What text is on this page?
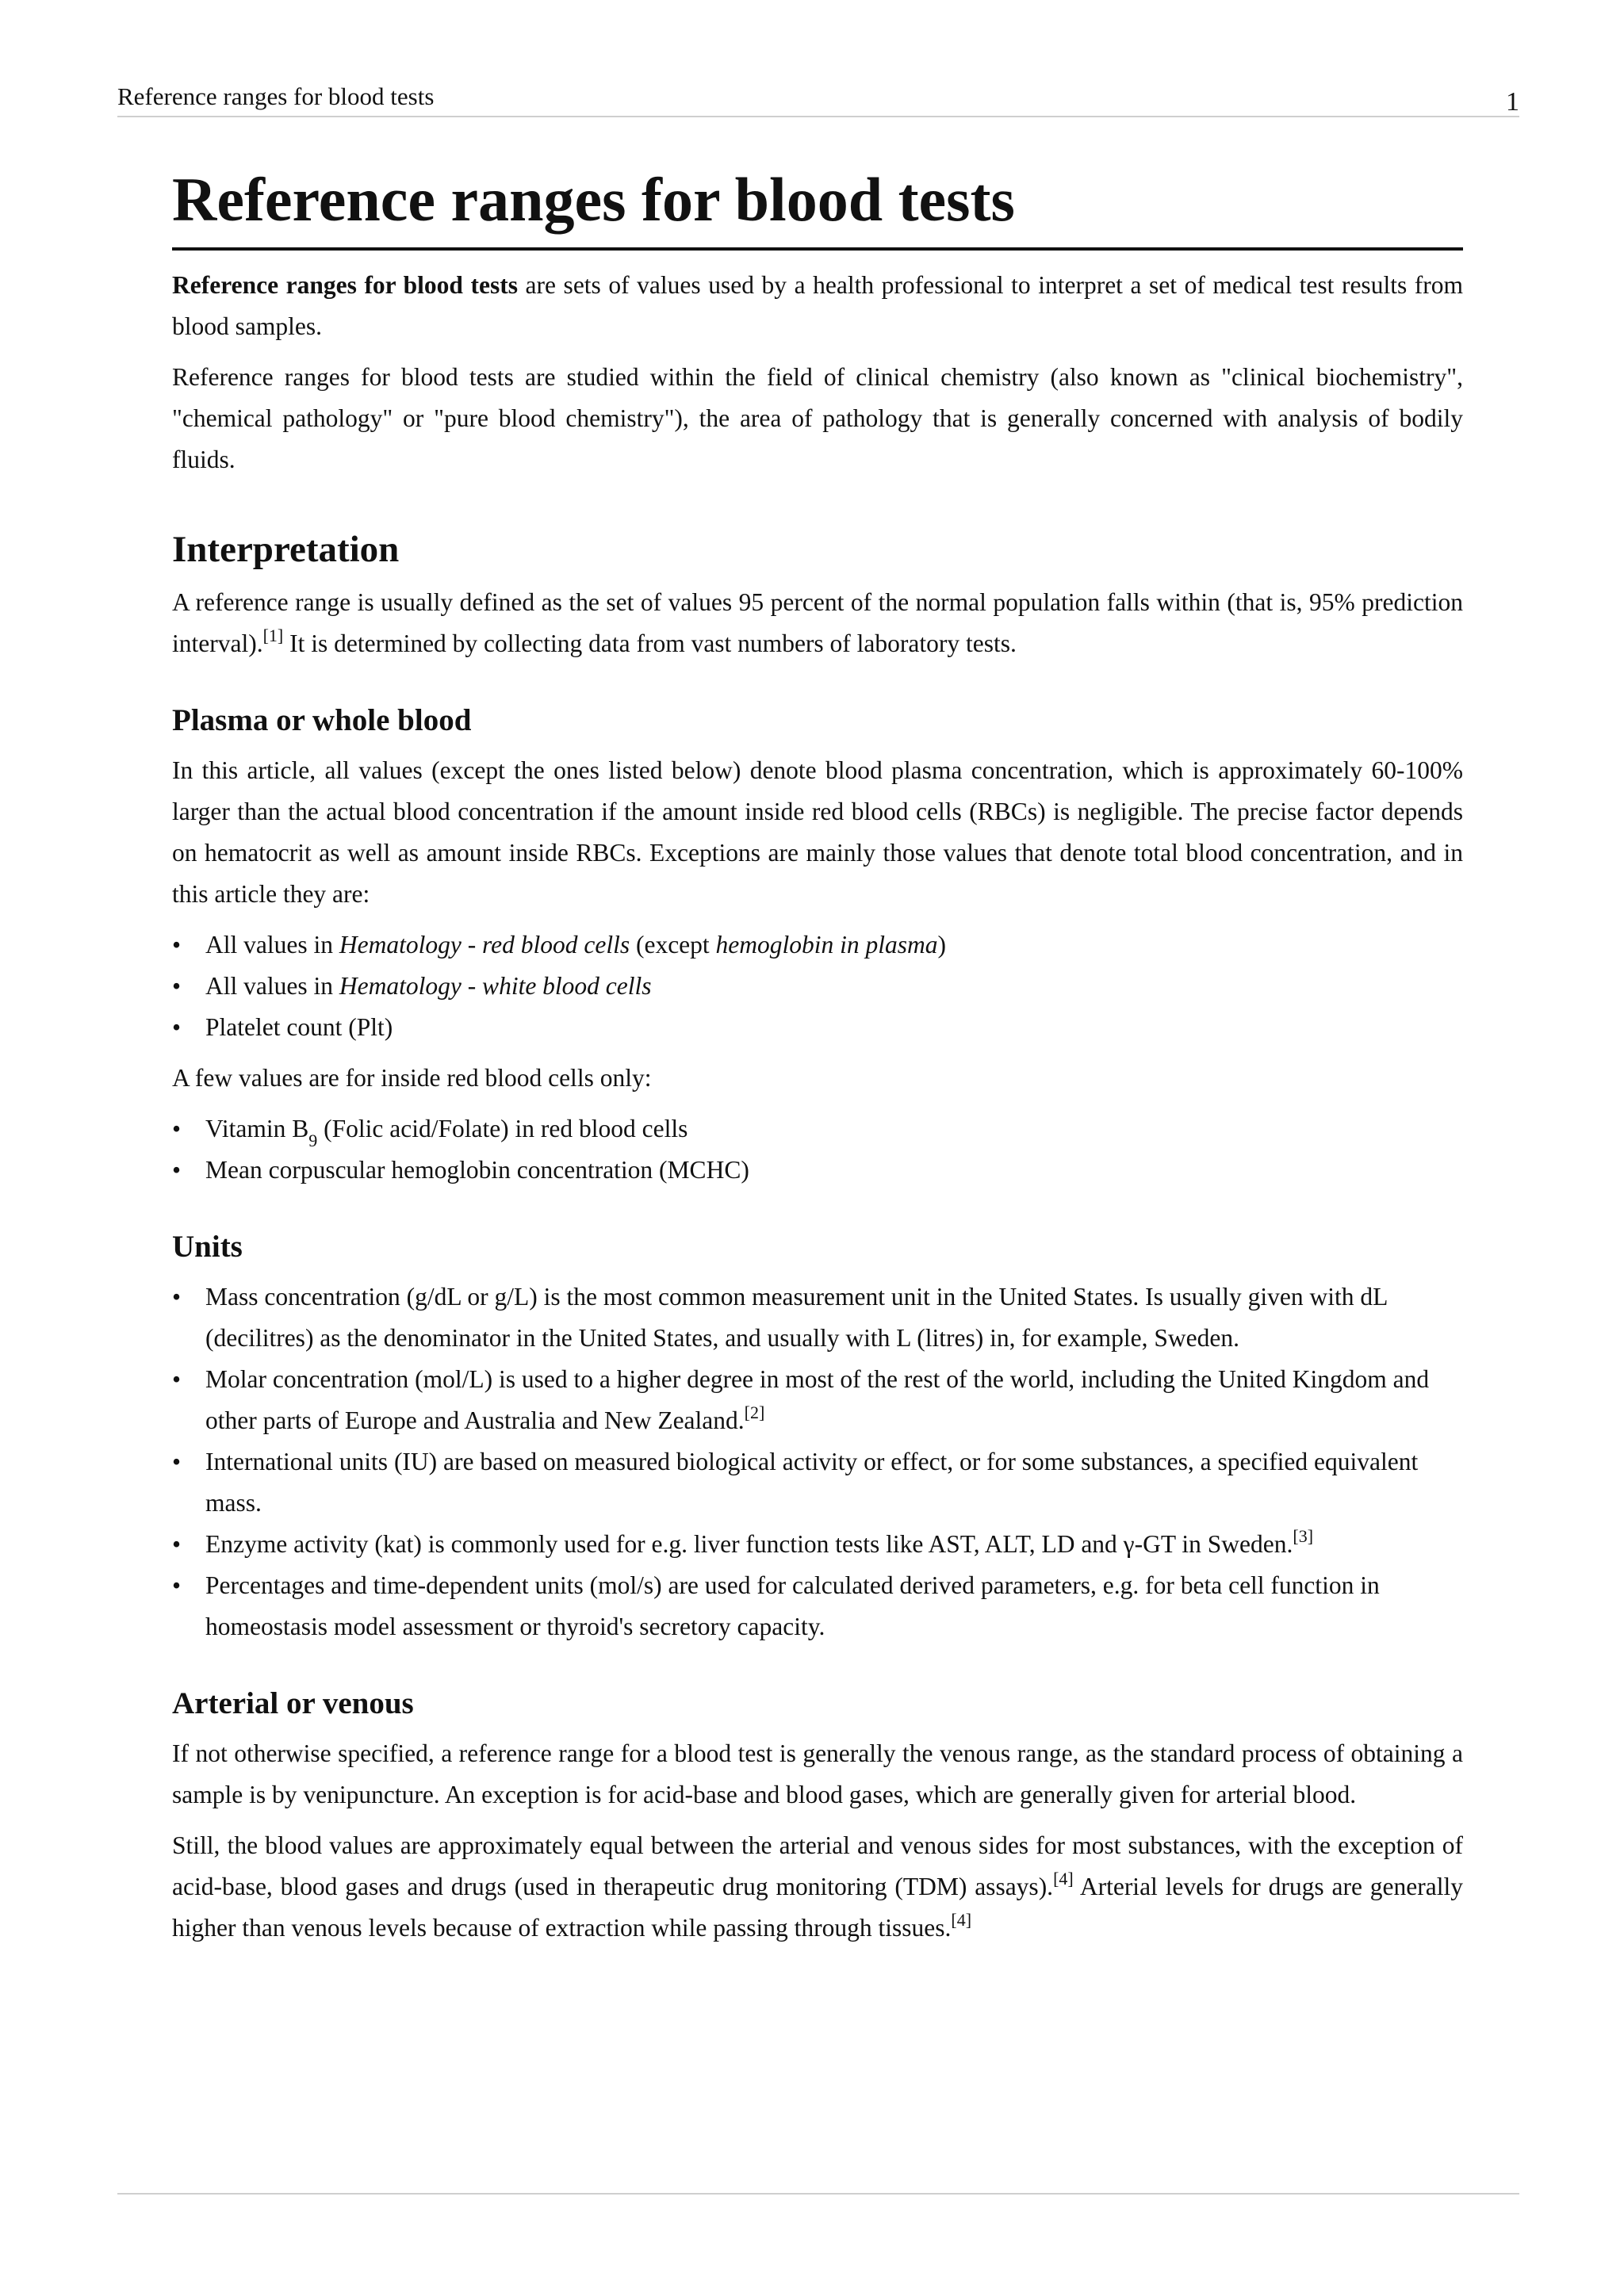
Reference ranges for blood tests	1
Reference ranges for blood tests

Reference ranges for blood tests are sets of values used by a health professional to interpret a set of medical test results from blood samples.

Reference ranges for blood tests are studied within the field of clinical chemistry (also known as "clinical biochemistry", "chemical pathology" or "pure blood chemistry"), the area of pathology that is generally concerned with analysis of bodily fluids.

Interpretation

A reference range is usually defined as the set of values 95 percent of the normal population falls within (that is, 95% prediction interval).[1] It is determined by collecting data from vast numbers of laboratory tests.

Plasma or whole blood

In this article, all values (except the ones listed below) denote blood plasma concentration, which is approximately 60-100% larger than the actual blood concentration if the amount inside red blood cells (RBCs) is negligible. The precise factor depends on hematocrit as well as amount inside RBCs. Exceptions are mainly those values that denote total blood concentration, and in this article they are:

• All values in Hematology - red blood cells (except hemoglobin in plasma)
• All values in Hematology - white blood cells
• Platelet count (Plt)

A few values are for inside red blood cells only:

• Vitamin $B_9$ (Folic acid/Folate) in red blood cells
• Mean corpuscular hemoglobin concentration (MCHC)
Units
• Mass concentration (g/dL or g/L) is the most common measurement unit in the United States. Is usually given with dL (decilitres) as the denominator in the United States, and usually with L (litres) in, for example, Sweden.
• Molar concentration (mol/L) is used to a higher degree in most of the rest of the world, including the United Kingdom and other parts of Europe and Australia and New Zealand.[2]
• International units (IU) are based on measured biological activity or effect, or for some substances, a specified equivalent mass.
• Enzyme activity (kat) is commonly used for e.g. liver function tests like AST, ALT, LD and γ-GT in Sweden.[3]
• Percentages and time-dependent units (mol/s) are used for calculated derived parameters, e.g. for beta cell function in homeostasis model assessment or thyroid's secretory capacity.
Arterial or venous

If not otherwise specified, a reference range for a blood test is generally the venous range, as the standard process of obtaining a sample is by venipuncture. An exception is for acid-base and blood gases, which are generally given for arterial blood.

Still, the blood values are approximately equal between the arterial and venous sides for most substances, with the exception of acid-base, blood gases and drugs (used in therapeutic drug monitoring (TDM) assays).[4] Arterial levels for drugs are generally higher than venous levels because of extraction while passing through tissues.[4]
